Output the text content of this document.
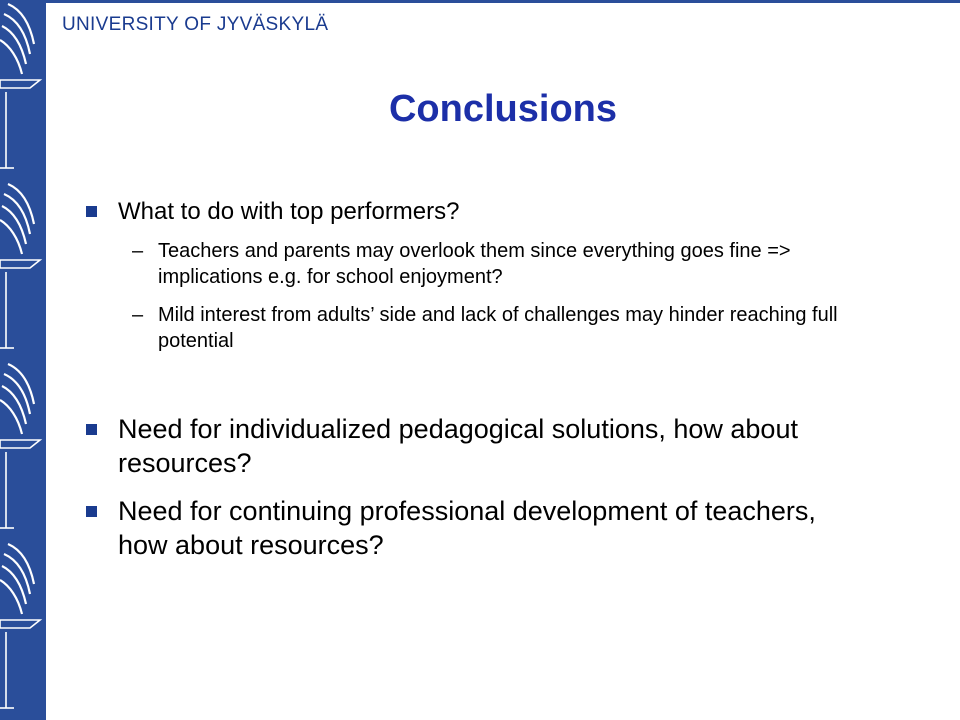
UNIVERSITY OF JYVÄSKYLÄ
Conclusions
What to do with top performers?
– Teachers and parents may overlook them since everything goes fine => implications e.g. for school enjoyment?
– Mild interest from adults’ side and lack of challenges may hinder reaching full potential
Need for individualized pedagogical solutions, how about resources?
Need for continuing professional development of teachers, how about resources?
